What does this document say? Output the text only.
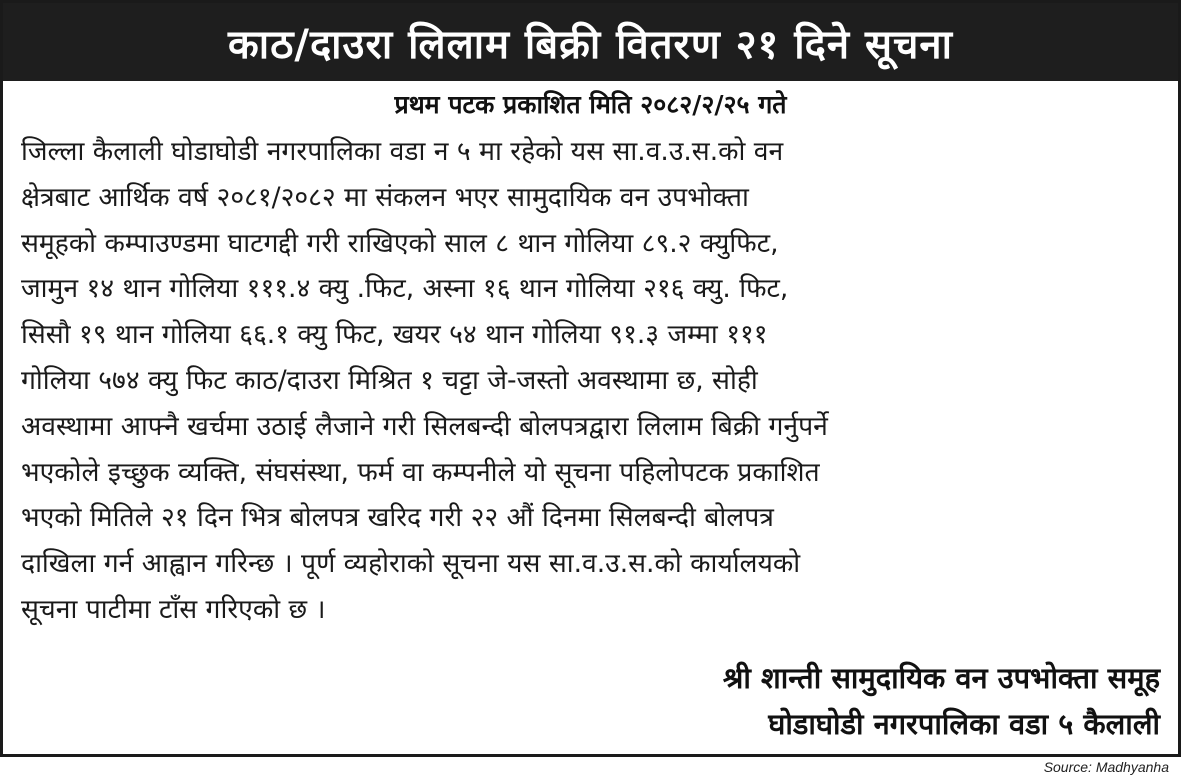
काठ/दाउरा लिलाम बिक्री वितरण २१ दिने सूचना
प्रथम पटक प्रकाशित मिति २०८२/२/२५ गते
जिल्ला कैलाली घोडाघोडी नगरपालिका वडा न ५ मा रहेको यस सा.व.उ.स.को वन
क्षेत्रबाट आर्थिक वर्ष २०८१/२०८२ मा संकलन भएर सामुदायिक वन उपभोक्ता
समूहको कम्पाउण्डमा घाटगद्दी गरी राखिएको साल ८ थान गोलिया ८९.२ क्युफिट,
जामुन १४ थान गोलिया १११.४ क्यु .फिट, अस्ना १६ थान गोलिया २१६ क्यु. फिट,
सिसौ १९ थान गोलिया ६६.१ क्यु फिट, खयर ५४ थान गोलिया ९१.३ जम्मा १११
गोलिया ५७४ क्यु फिट काठ/दाउरा मिश्रित १ चट्टा जे-जस्तो अवस्थामा छ, सोही
अवस्थामा आफ्नै खर्चमा उठाई लैजाने गरी सिलबन्दी बोलपत्रद्वारा लिलाम बिक्री गर्नुपर्ने
भएकोले इच्छुक व्यक्ति, संघसंस्था, फर्म वा कम्पनीले यो सूचना पहिलोपटक प्रकाशित
भएको मितिले २१ दिन भित्र बोलपत्र खरिद गरी २२ औं दिनमा सिलबन्दी बोलपत्र
दाखिला गर्न आह्वान गरिन्छ । पूर्ण व्यहोराको सूचना यस सा.व.उ.स.को कार्यालयको
सूचना पाटीमा टाँस गरिएको छ ।
श्री शान्ती सामुदायिक वन उपभोक्ता समूह
घोडाघोडी नगरपालिका वडा ५ कैलाली
Source: Madhyanha
